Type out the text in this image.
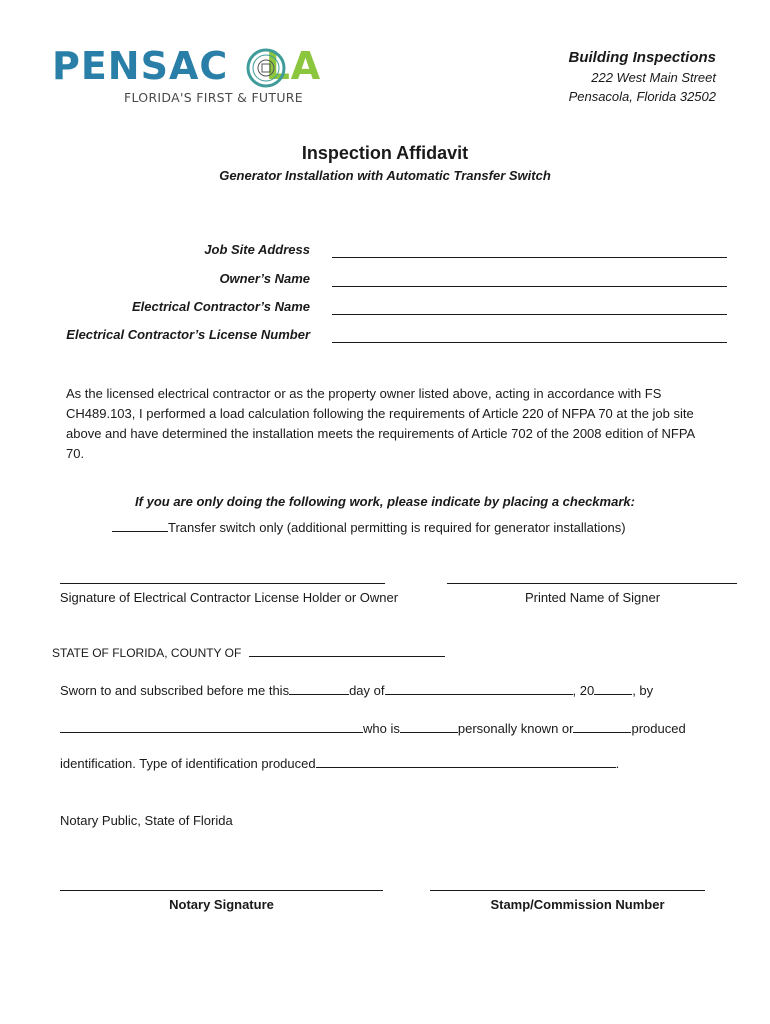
PENSAC LA
FLORIDA'S FIRST & FUTURE
Building Inspections
222 West Main Street
Pensacola, Florida 32502
Inspection Affidavit
Generator Installation with Automatic Transfer Switch
Job Site Address
Owner’s Name
Electrical Contractor’s Name
Electrical Contractor’s License Number
As the licensed electrical contractor or as the property owner listed above, acting in accordance with FS CH489.103, I performed a load calculation following the requirements of Article 220 of NFPA 70 at the job site above and have determined the installation meets the requirements of Article 702 of the 2008 edition of NFPA 70.
If you are only doing the following work, please indicate by placing a checkmark:
Transfer switch only (additional permitting is required for generator installations)
Signature of Electrical Contractor License Holder or Owner	Printed Name of Signer
STATE OF FLORIDA, COUNTY OF
Sworn to and subscribed before me this	day of	, 20	, by
who is	personally known or	produced
identification. Type of identification produced	.
Notary Public, State of Florida
Notary Signature	Stamp/Commission Number
